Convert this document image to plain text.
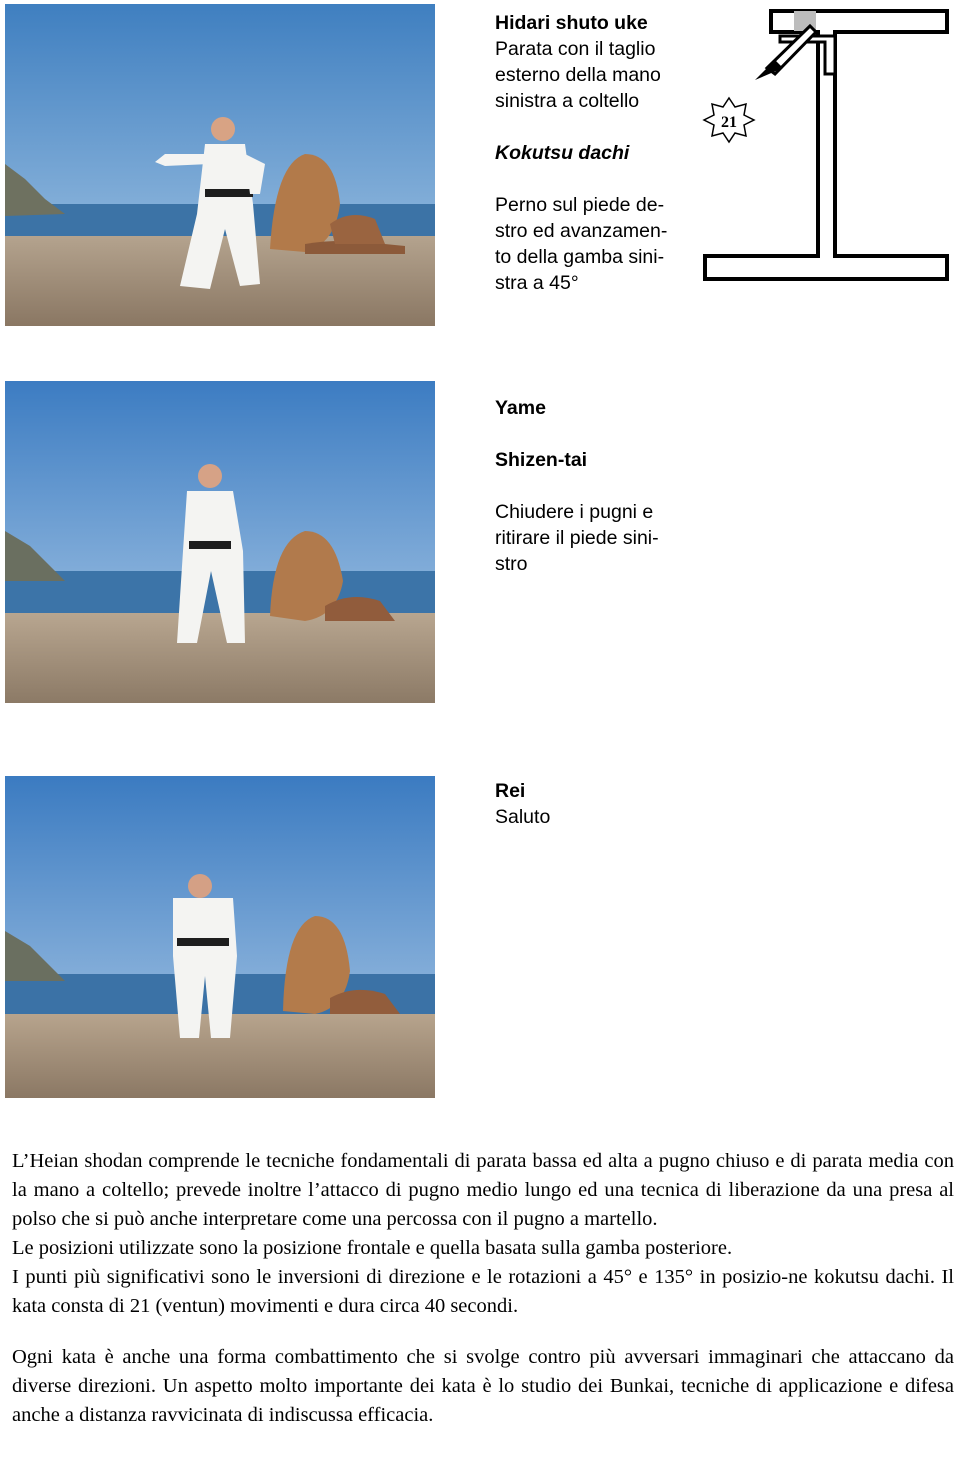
Hidari shuto uke

Parata con il taglio esterno della mano sinistra a coltello

Kokutsu dachi

Perno sul piede de-stro ed avanzamen-to della gamba sini-stra a 45°

21

Yame

Shizen-tai

Chiudere i pugni e ritirare il piede sini-stro

Rei

Saluto

L’Heian shodan comprende le tecniche fondamentali di parata bassa ed alta a pugno chiuso e di parata media con la mano a coltello; prevede inoltre l’attacco di pugno medio lungo ed una tecnica di liberazione da una presa al polso che si può anche interpretare come una percossa con il pugno a martello.

Le posizioni utilizzate sono la posizione frontale e quella basata sulla gamba posteriore.

I punti più significativi sono le inversioni di direzione e le rotazioni a 45° e 135° in posizio-ne kokutsu dachi. Il kata consta di 21 (ventun) movimenti e dura circa 40 secondi.

Ogni kata è anche una forma combattimento che si svolge contro più avversari immaginari che attaccano da diverse direzioni. Un aspetto molto importante dei kata è lo studio dei Bunkai, tecniche di applicazione e difesa anche a distanza ravvicinata di indiscussa efficacia.
